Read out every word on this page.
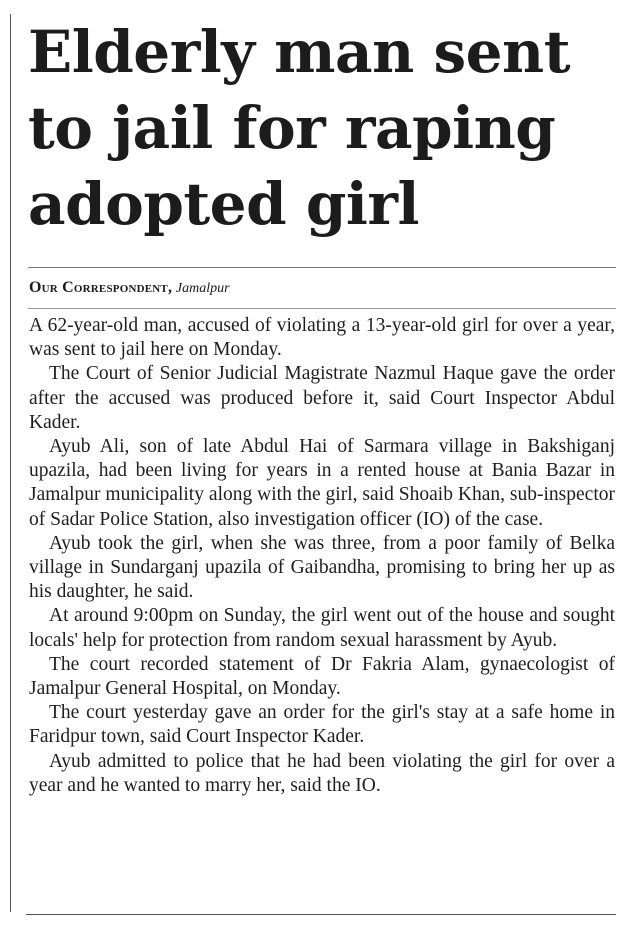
Elderly man sent
to jail for raping
adopted girl
Our Correspondent, Jamalpur

A 62-year-old man, accused of violating a 13-year-old girl for over a year, was sent to jail here on Monday.

The Court of Senior Judicial Magistrate Nazmul Haque gave the order after the accused was produced before it, said Court Inspector Abdul Kader.

Ayub Ali, son of late Abdul Hai of Sarmara village in Bakshiganj upazila, had been living for years in a rented house at Bania Bazar in Jamalpur municipality along with the girl, said Shoaib Khan, sub-inspector of Sadar Police Station, also investigation officer (IO) of the case.

Ayub took the girl, when she was three, from a poor family of Belka village in Sundarganj upazila of Gaibandha, promising to bring her up as his daughter, he said.

At around 9:00pm on Sunday, the girl went out of the house and sought locals' help for protection from random sexual harassment by Ayub.

The court recorded statement of Dr Fakria Alam, gynaecologist of Jamalpur General Hospital, on Monday.

The court yesterday gave an order for the girl's stay at a safe home in Faridpur town, said Court Inspector Kader.

Ayub admitted to police that he had been violating the girl for over a year and he wanted to marry her, said the IO.
